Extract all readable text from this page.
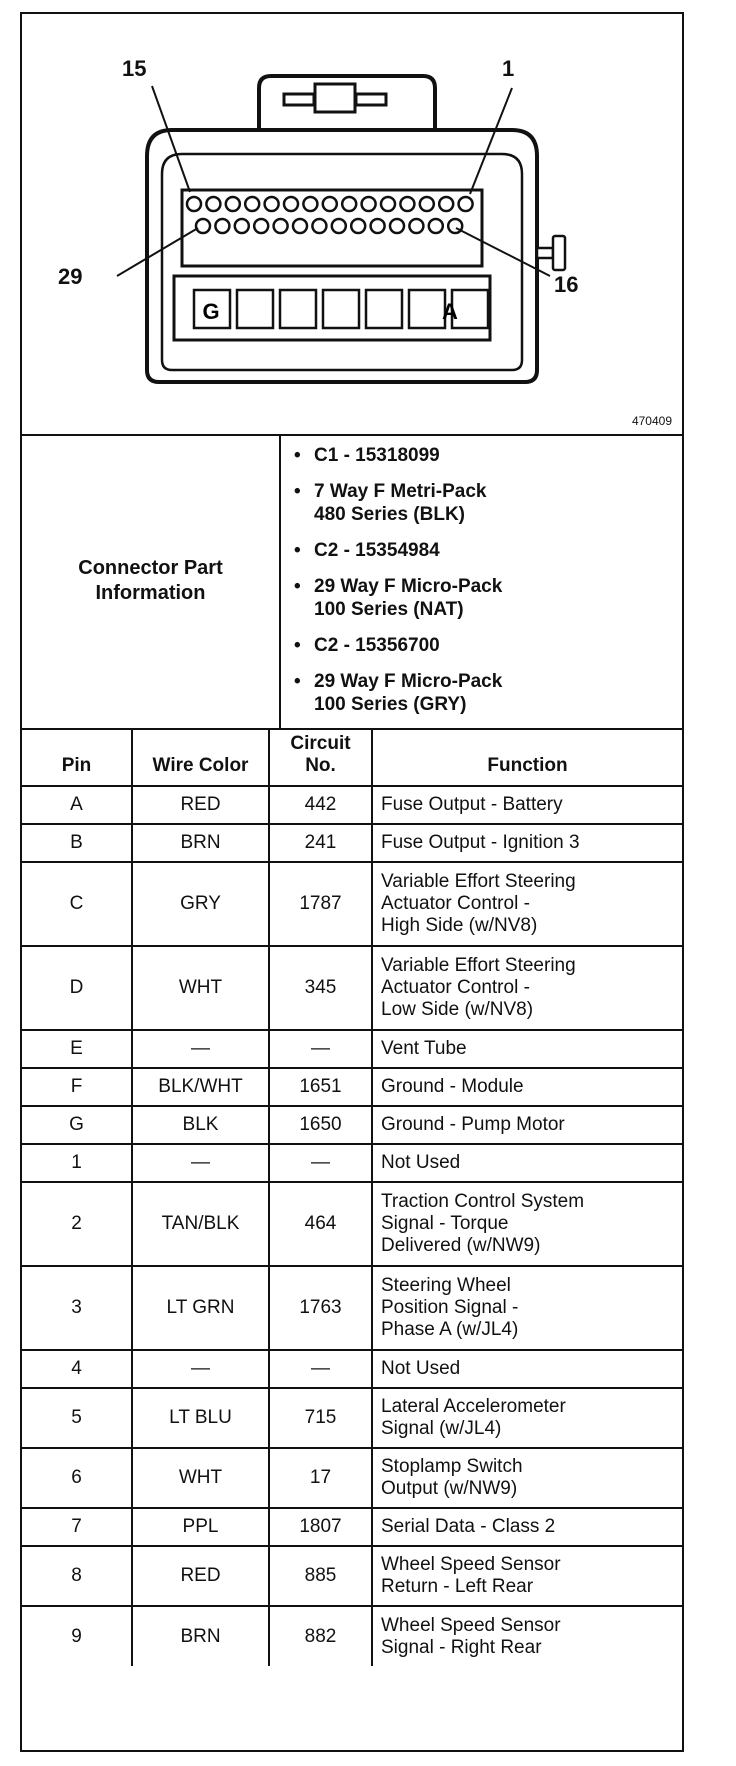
G	A
15	1
29	16
470409
Connector Part
Information
• C1 - 15318099
• 7 Way F Metri-Pack
480 Series (BLK)
• C2 - 15354984
• 29 Way F Micro-Pack
100 Series (NAT)
• C2 - 15356700
• 29 Way F Micro-Pack
100 Series (GRY)
Pin	Wire Color	Circuit
No.	Function
A	RED	442	Fuse Output - Battery
B	BRN	241	Fuse Output - Ignition 3
C	GRY	1787	Variable Effort Steering
Actuator Control -
High Side (w/NV8)
D	WHT	345	Variable Effort Steering
Actuator Control -
Low Side (w/NV8)
E	—	—	Vent Tube
F	BLK/WHT	1651	Ground - Module
G	BLK	1650	Ground - Pump Motor
1	—	—	Not Used
2	TAN/BLK	464	Traction Control System
Signal - Torque
Delivered (w/NW9)
3	LT GRN	1763	Steering Wheel
Position Signal -
Phase A (w/JL4)
4	—	—	Not Used
5	LT BLU	715	Lateral Accelerometer
Signal (w/JL4)
6	WHT	17	Stoplamp Switch
Output (w/NW9)
7	PPL	1807	Serial Data - Class 2
8	RED	885	Wheel Speed Sensor
Return - Left Rear
9	BRN	882	Wheel Speed Sensor
Signal - Right Rear
